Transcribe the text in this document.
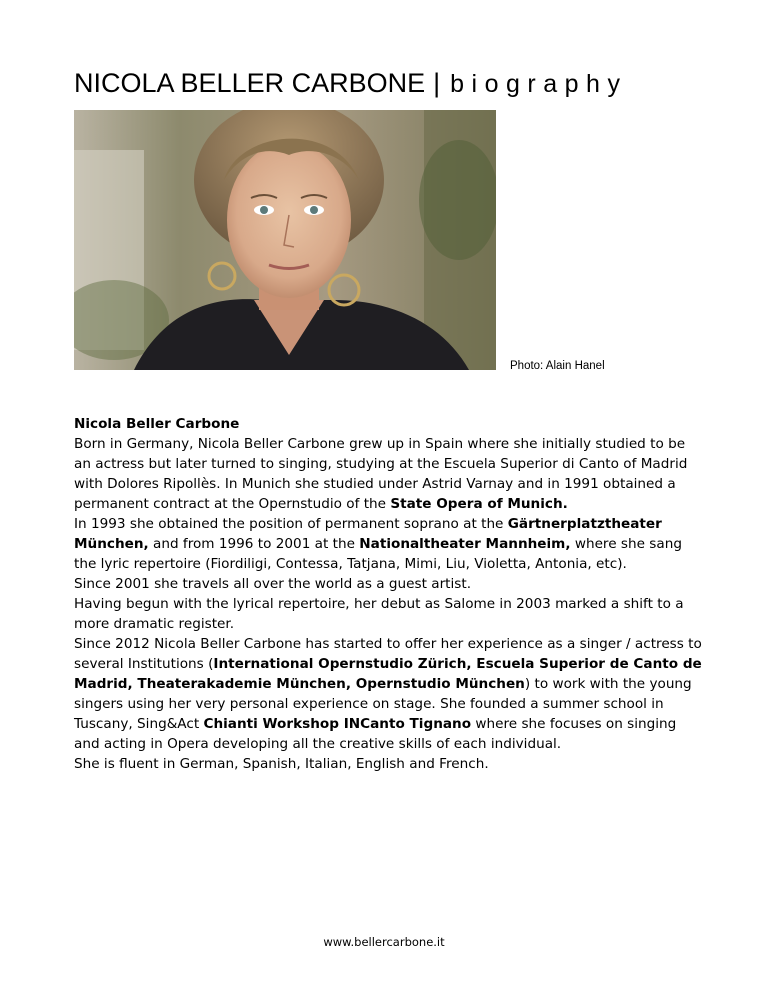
NICOLA BELLER CARBONE | biography
Photo: Alain Hanel

Nicola Beller Carbone

Born in Germany, Nicola Beller Carbone grew up in Spain where she initially studied to be an actress but later turned to singing, studying at the Escuela Superior di Canto of Madrid with Dolores Ripollès. In Munich she studied under Astrid Varnay and in 1991 obtained a permanent contract at the Opernstudio of the State Opera of Munich.

In 1993 she obtained the position of permanent soprano at the Gärtnerplatztheater München, and from 1996 to 2001 at the Nationaltheater Mannheim, where she sang the lyric repertoire (Fiordiligi, Contessa, Tatjana, Mimi, Liu, Violetta, Antonia, etc).

Since 2001 she travels all over the world as a guest artist.

Having begun with the lyrical repertoire, her debut as Salome in 2003 marked a shift to a more dramatic register.

Since 2012 Nicola Beller Carbone has started to offer her experience as a singer / actress to several Institutions (International Opernstudio Zürich, Escuela Superior de Canto de Madrid, Theaterakademie München, Opernstudio München) to work with the young singers using her very personal experience on stage. She founded a summer school in Tuscany, Sing&Act Chianti Workshop INCanto Tignano where she focuses on singing and acting in Opera developing all the creative skills of each individual.

She is fluent in German, Spanish, Italian, English and French.

www.bellercarbone.it
